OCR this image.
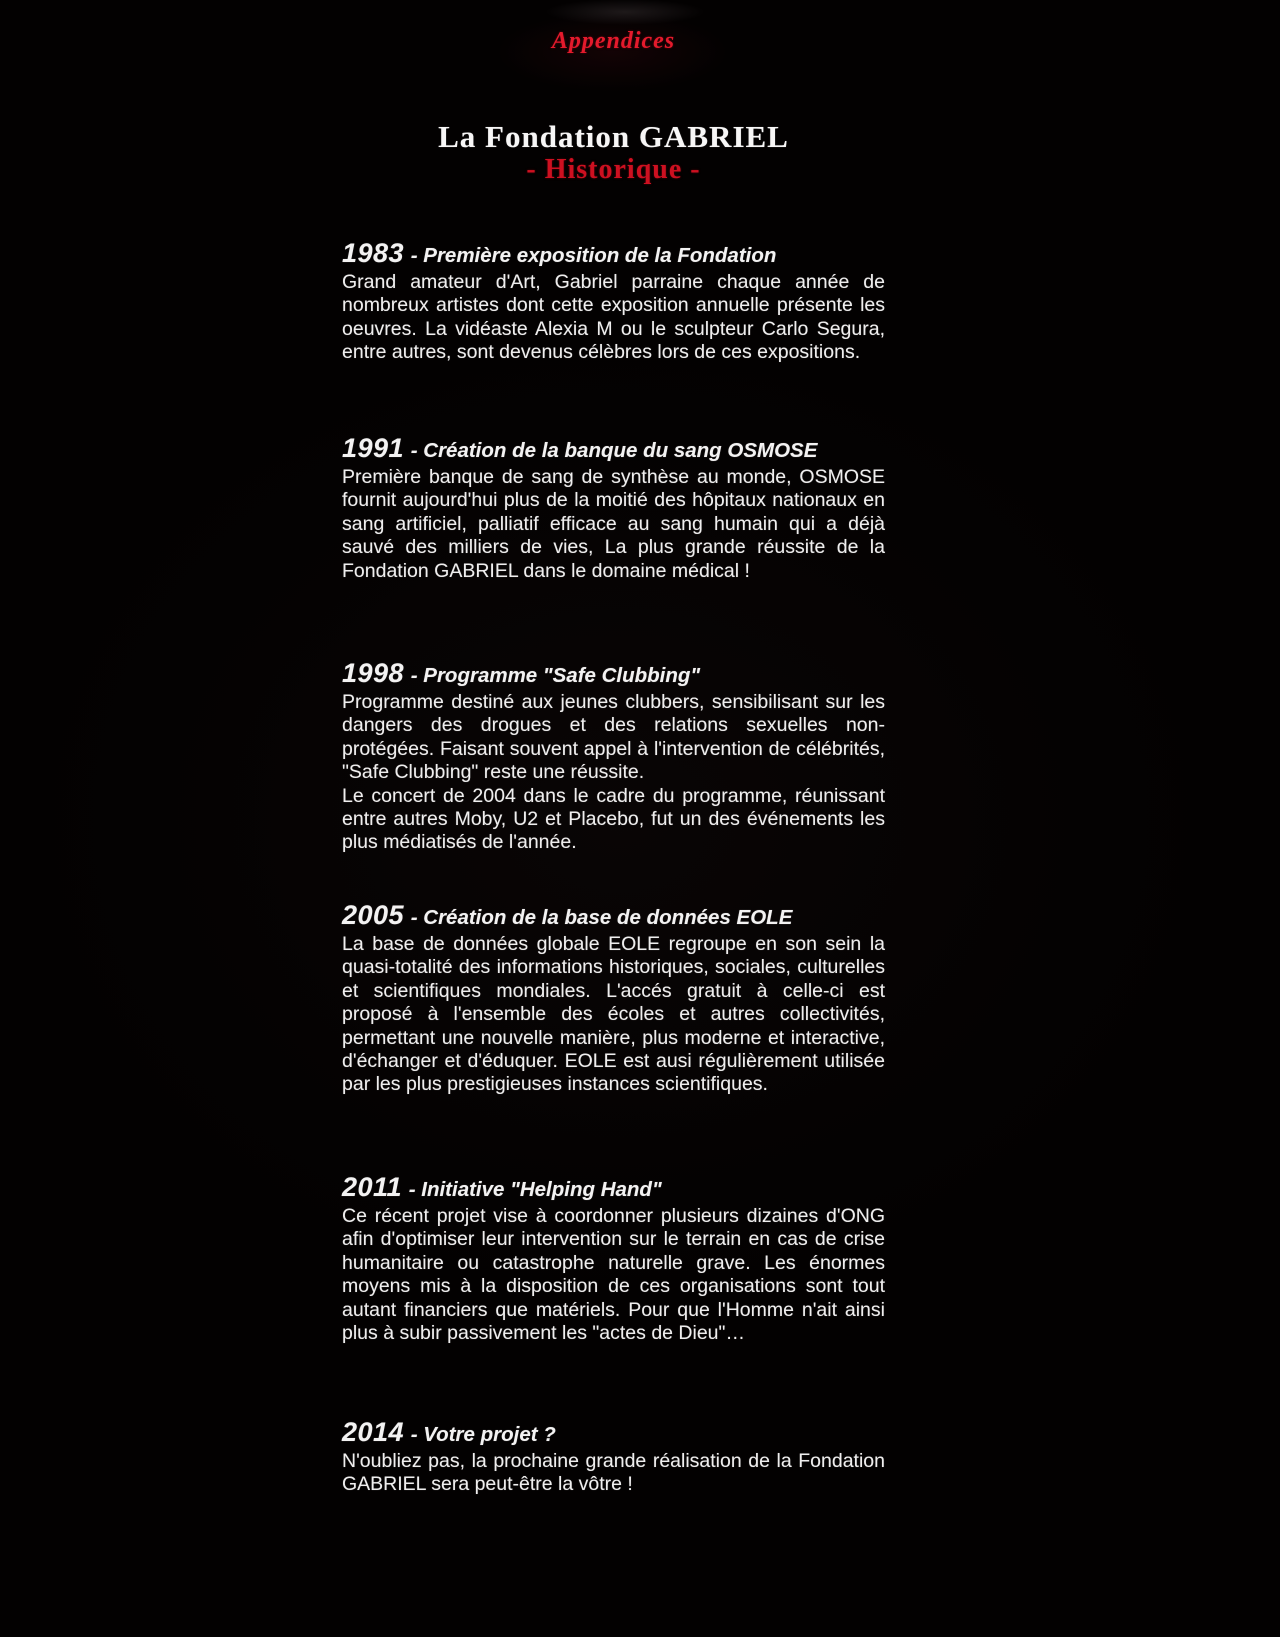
Appendices
La Fondation GABRIEL
- Historique -
1983 - Première exposition de la Fondation

Grand amateur d'Art, Gabriel parraine chaque année de nombreux artistes dont cette exposition annuelle présente les oeuvres. La vidéaste Alexia M ou le sculpteur Carlo Segura, entre autres, sont devenus célèbres lors de ces expositions.

1991 - Création de la banque du sang OSMOSE

Première banque de sang de synthèse au monde, OSMOSE fournit aujourd'hui plus de la moitié des hôpitaux nationaux en sang artificiel, palliatif efficace au sang humain qui a déjà sauvé des milliers de vies, La plus grande réussite de la Fondation GABRIEL dans le domaine médical !

1998 - Programme "Safe Clubbing"

Programme destiné aux jeunes clubbers, sensibilisant sur les dangers des drogues et des relations sexuelles non-protégées. Faisant souvent appel à l'intervention de célébrités, "Safe Clubbing" reste une réussite.

Le concert de 2004 dans le cadre du programme, réunissant entre autres Moby, U2 et Placebo, fut un des événements les plus médiatisés de l'année.

2005 - Création de la base de données EOLE

La base de données globale EOLE regroupe en son sein la quasi-totalité des informations historiques, sociales, culturelles et scientifiques mondiales. L'accés gratuit à celle-ci est proposé à l'ensemble des écoles et autres collectivités, permettant une nouvelle manière, plus moderne et interactive, d'échanger et d'éduquer. EOLE est ausi régulièrement utilisée par les plus prestigieuses instances scientifiques.

2011 - Initiative "Helping Hand"

Ce récent projet vise à coordonner plusieurs dizaines d'ONG afin d'optimiser leur intervention sur le terrain en cas de crise humanitaire ou catastrophe naturelle grave. Les énormes moyens mis à la disposition de ces organisations sont tout autant financiers que matériels. Pour que l'Homme n'ait ainsi plus à subir passivement les "actes de Dieu"…

2014 - Votre projet ?

N'oubliez pas, la prochaine grande réalisation de la Fondation GABRIEL sera peut-être la vôtre !
